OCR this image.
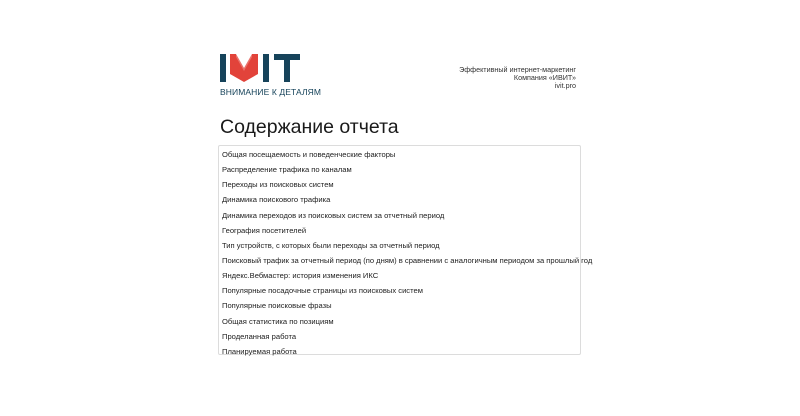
ВНИМАНИЕ К ДЕТАЛЯМ
Эффективный интернет-маркетинг
Компания «ИВИТ»
ivit.pro
Содержание отчета
Общая посещаемость и поведенческие факторы
Распределение трафика по каналам
Переходы из поисковых систем
Динамика поискового трафика
Динамика переходов из поисковых систем за отчетный период
География посетителей
Тип устройств, с которых были переходы за отчетный период
Поисковый трафик за отчетный период (по дням) в сравнении с аналогичным периодом за прошлый год
Яндекс.Вебмастер: история изменения ИКС
Популярные посадочные страницы из поисковых систем
Популярные поисковые фразы
Общая статистика по позициям
Проделанная работа
Планируемая работа
